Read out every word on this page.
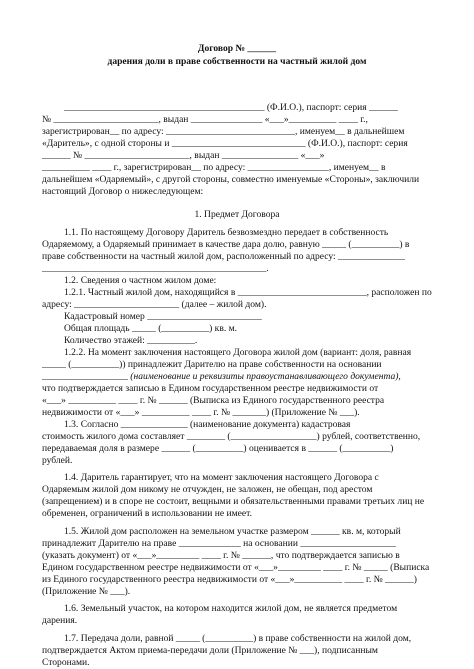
Договор № ______
дарения доли в праве собственности на частный жилой дом
__________________________________________ (Ф.И.О.), паспорт: серия ______
№ ______________________, выдан _______________ «___»__________ ____ г.,
зарегистрирован__ по адресу: ___________________________, именуем__ в дальнейшем
«Даритель», с одной стороны и ____________________________ (Ф.И.О.), паспорт: серия
______ № ______________________, выдан ________________ «___»
__________ ____ г., зарегистрирован__ по адресу: _________________, именуем__ в
дальнейшем «Одаряемый», с другой стороны, совместно именуемые «Стороны», заключили
настоящий Договор о нижеследующем:
1. Предмет Договора
1.1. По настоящему Договору Даритель безвозмездно передает в собственность
Одаряемому, а Одаряемый принимает в качестве дара долю, равную _____ (__________) в
праве собственности на частный жилой дом, расположенный по адресу: ______________
_______________________________________________.
1.2. Сведения о частном жилом доме:
1.2.1. Частный жилой дом, находящийся в ___________________________, расположен по
адресу: ______________________ (далее – жилой дом).
Кадастровый номер ________________________
Общая площадь _____ (__________) кв. м.
Количество этажей: __________.
1.2.2. На момент заключения настоящего Договора жилой дом (вариант: доля, равная
_____ (__________)) принадлежит Дарителю на праве собственности на основании
__________________ (наименование и реквизиты правоустанавливающего документа),
что подтверждается записью в Едином государственном реестре недвижимости от
«___» __________ ____ г. № ______ (Выписка из Единого государственного реестра
недвижимости от «___» __________ ____ г. № _______) (Приложение № ___).
1.3. Согласно ______________ (наименование документа) кадастровая
стоимость жилого дома составляет ________ (__________________) рублей, соответственно,
передаваемая доля в размере ______ (__________) оценивается в ______ (__________)
рублей.
1.4. Даритель гарантирует, что на момент заключения настоящего Договора с
Одаряемым жилой дом никому не отчужден, не заложен, не обещан, под арестом
(запрещением) и в споре не состоит, вещными и обязательственными правами третьих лиц не
обременен, ограничений в использовании не имеет.
1.5. Жилой дом расположен на земельном участке размером ______ кв. м, который
принадлежит Дарителю на праве _____________ на основании ____________________
(указать документ) от «___»_________ ____ г. № ______, что подтверждается записью в
Едином государственном реестре недвижимости от «___»_________ ____ г. № _____ (Выписка
из Единого государственного реестра недвижимости от «___»__________ ____ г. № ______)
(Приложение № ___).
1.6. Земельный участок, на котором находится жилой дом, не является предметом
дарения.
1.7. Передача доли, равной _____ (__________) в праве собственности на жилой дом,
подтверждается Актом приема-передачи доли (Приложение № ___), подписанным
Сторонами.
